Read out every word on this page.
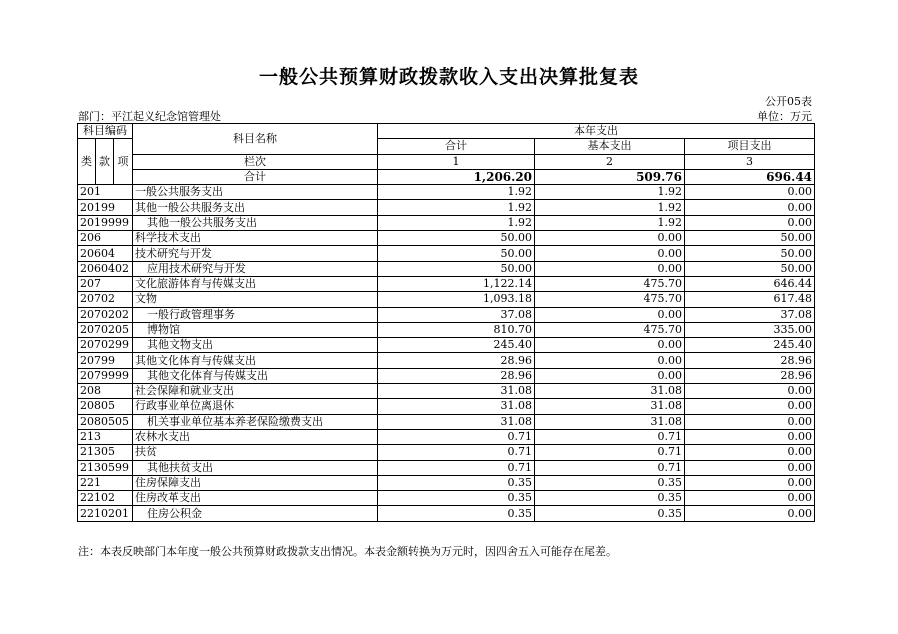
一般公共预算财政拨款收入支出决算批复表
公开05表
部门：平江起义纪念馆管理处	单位：万元
科目编码			科目名称	本年支出		
				合计	基本支出	项目支出
类	款	项				
			栏次	1	2	3
			合计	1,206.20	509.76	696.44
201			一般公共服务支出	1.92	1.92	0.00
20199			其他一般公共服务支出	1.92	1.92	0.00
2019999			其他一般公共服务支出	1.92	1.92	0.00
206			科学技术支出	50.00	0.00	50.00
20604			技术研究与开发	50.00	0.00	50.00
2060402			应用技术研究与开发	50.00	0.00	50.00
207			文化旅游体育与传媒支出	1,122.14	475.70	646.44
20702			文物	1,093.18	475.70	617.48
2070202			一般行政管理事务	37.08	0.00	37.08
2070205			博物馆	810.70	475.70	335.00
2070299			其他文物支出	245.40	0.00	245.40
20799			其他文化体育与传媒支出	28.96	0.00	28.96
2079999			其他文化体育与传媒支出	28.96	0.00	28.96
208			社会保障和就业支出	31.08	31.08	0.00
20805			行政事业单位离退休	31.08	31.08	0.00
2080505			机关事业单位基本养老保险缴费支出	31.08	31.08	0.00
213			农林水支出	0.71	0.71	0.00
21305			扶贫	0.71	0.71	0.00
2130599			其他扶贫支出	0.71	0.71	0.00
221			住房保障支出	0.35	0.35	0.00
22102			住房改革支出	0.35	0.35	0.00
2210201			住房公积金	0.35	0.35	0.00
注：本表反映部门本年度一般公共预算财政拨款支出情况。本表金额转换为万元时，因四舍五入可能存在尾差。
